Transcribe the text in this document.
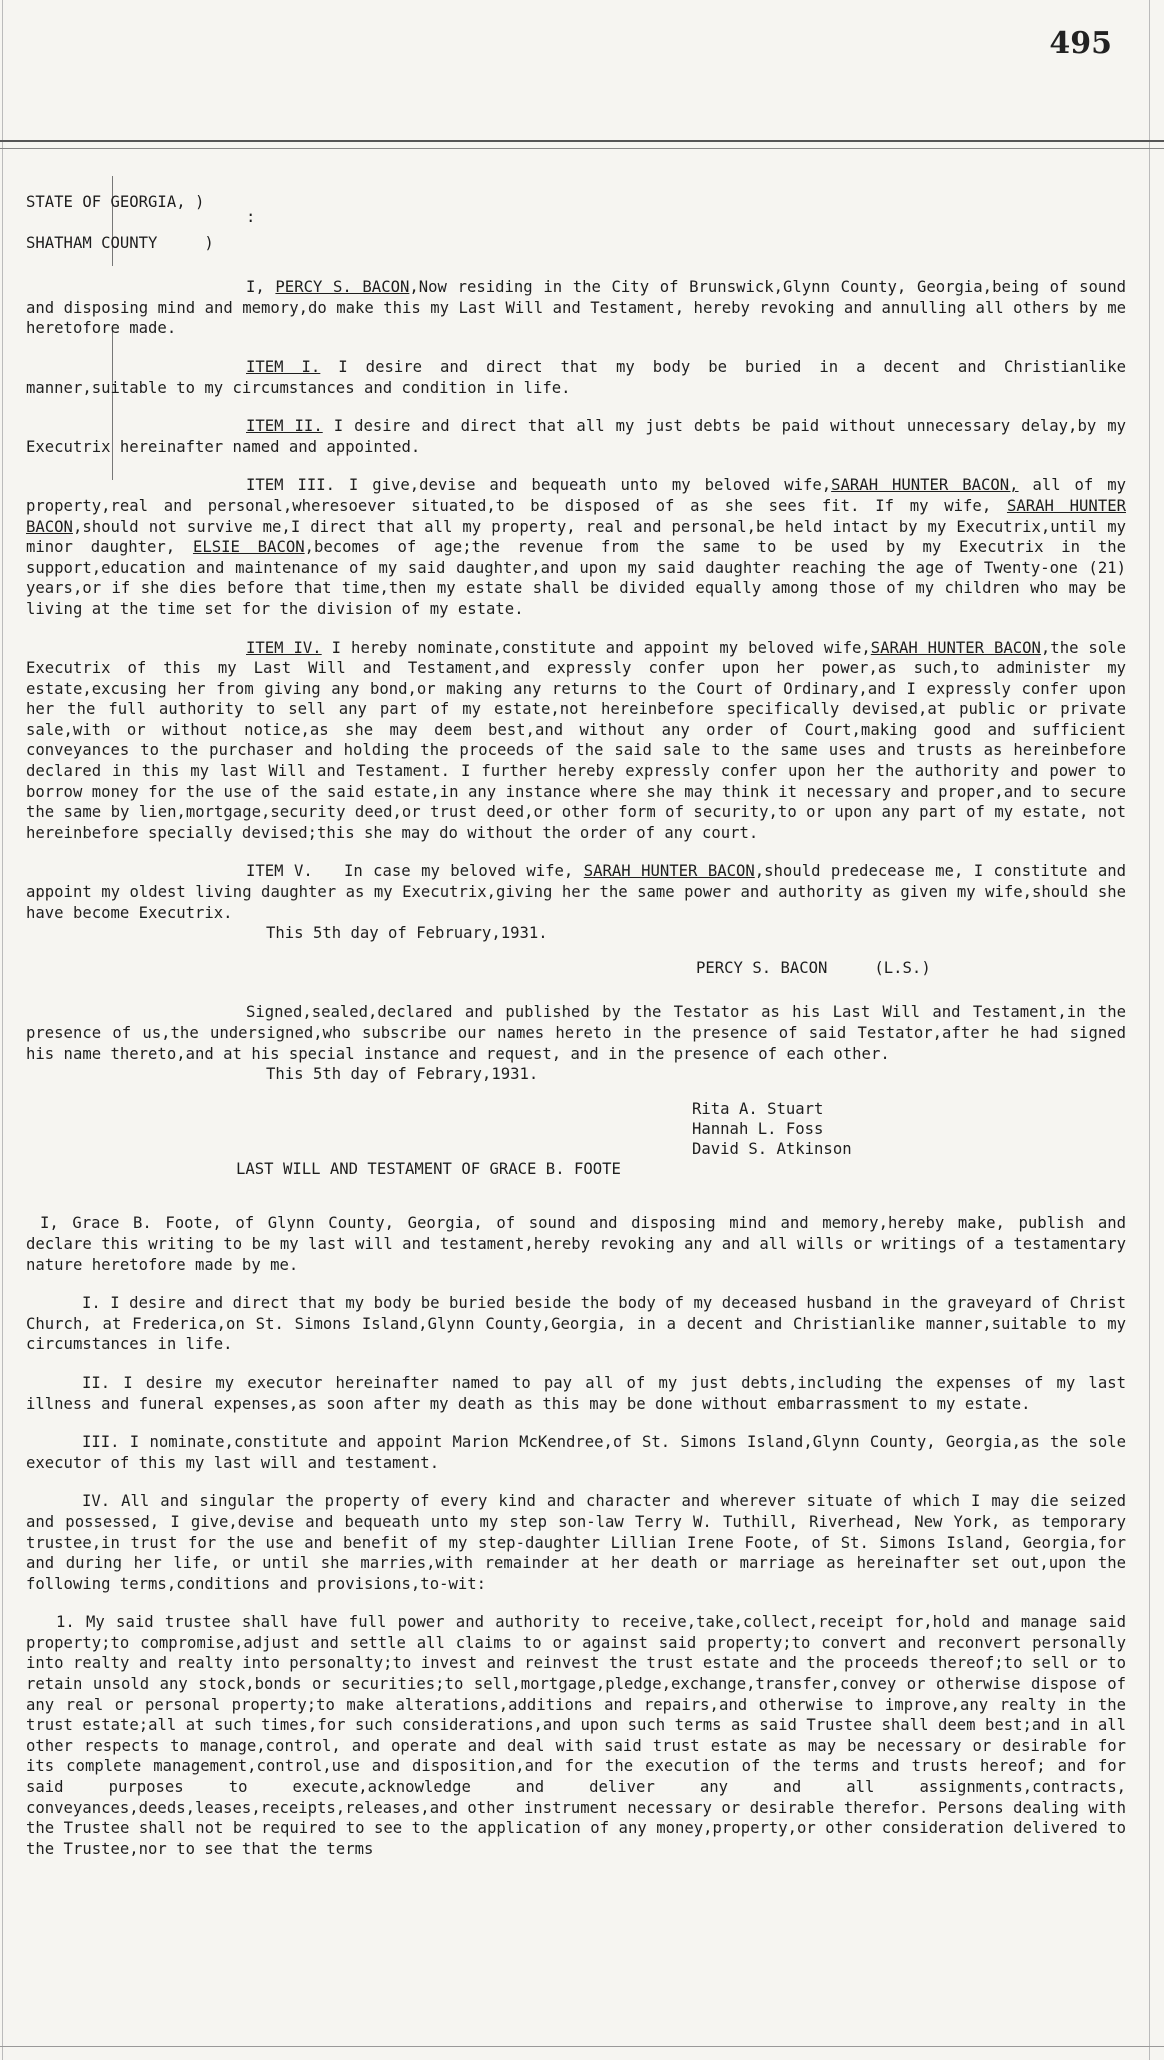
495

STATE OF GEORGIA, )

:

SHATHAM COUNTY     )

I, PERCY S. BACON,Now residing in the City of Brunswick,Glynn County, Georgia,being of sound and disposing mind and memory,do make this my Last Will and Testament, hereby revoking and annulling all others by me heretofore made.

ITEM I. I desire and direct that my body be buried in a decent and Christianlike manner,suitable to my circumstances and condition in life.

ITEM II. I desire and direct that all my just debts be paid without unnecessary delay,by my Executrix hereinafter named and appointed.

ITEM III. I give,devise and bequeath unto my beloved wife,SARAH HUNTER BACON, all of my property,real and personal,wheresoever situated,to be disposed of as she sees fit. If my wife, SARAH HUNTER BACON,should not survive me,I direct that all my property, real and personal,be held intact by my Executrix,until my minor daughter, ELSIE BACON,becomes of age;the revenue from the same to be used by my Executrix in the support,education and maintenance of my said daughter,and upon my said daughter reaching the age of Twenty-one (21) years,or if she dies before that time,then my estate shall be divided equally among those of my children who may be living at the time set for the division of my estate.

ITEM IV. I hereby nominate,constitute and appoint my beloved wife,SARAH HUNTER BACON,the sole Executrix of this my Last Will and Testament,and expressly confer upon her power,as such,to administer my estate,excusing her from giving any bond,or making any returns to the Court of Ordinary,and I expressly confer upon her the full authority to sell any part of my estate,not hereinbefore specifically devised,at public or private sale,with or without notice,as she may deem best,and without any order of Court,making good and sufficient conveyances to the purchaser and holding the proceeds of the said sale to the same uses and trusts as hereinbefore declared in this my last Will and Testament. I further hereby expressly confer upon her the authority and power to borrow money for the use of the said estate,in any instance where she may think it necessary and proper,and to secure the same by lien,mortgage,security deed,or trust deed,or other form of security,to or upon any part of my estate, not hereinbefore specially devised;this she may do without the order of any court.

ITEM V.   In case my beloved wife, SARAH HUNTER BACON,should predecease me, I constitute and appoint my oldest living daughter as my Executrix,giving her the same power and authority as given my wife,should she have become Executrix.

This 5th day of February,1931.

PERCY S. BACON     (L.S.)

Signed,sealed,declared and published by the Testator as his Last Will and Testament,in the presence of us,the undersigned,who subscribe our names hereto in the presence of said Testator,after he had signed his name thereto,and at his special instance and request, and in the presence of each other.

This 5th day of Febrary,1931.

Rita A. Stuart

Hannah L. Foss

David S. Atkinson

LAST WILL AND TESTAMENT OF GRACE B. FOOTE

I, Grace B. Foote, of Glynn County, Georgia, of sound and disposing mind and memory,hereby make, publish and declare this writing to be my last will and testament,hereby revoking any and all wills or writings of a testamentary nature heretofore made by me.

I. I desire and direct that my body be buried beside the body of my deceased husband in the graveyard of Christ Church, at Frederica,on St. Simons Island,Glynn County,Georgia, in a decent and Christianlike manner,suitable to my circumstances in life.

II. I desire my executor hereinafter named to pay all of my just debts,including the expenses of my last illness and funeral expenses,as soon after my death as this may be done without embarrassment to my estate.

III. I nominate,constitute and appoint Marion McKendree,of St. Simons Island,Glynn County, Georgia,as the sole executor of this my last will and testament.

IV. All and singular the property of every kind and character and wherever situate of which I may die seized and possessed, I give,devise and bequeath unto my step son-law Terry W. Tuthill, Riverhead, New York, as temporary trustee,in trust for the use and benefit of my step-daughter Lillian Irene Foote, of St. Simons Island, Georgia,for and during her life, or until she marries,with remainder at her death or marriage as hereinafter set out,upon the following terms,conditions and provisions,to-wit:

1. My said trustee shall have full power and authority to receive,take,collect,receipt for,hold and manage said property;to compromise,adjust and settle all claims to or against said property;to convert and reconvert personally into realty and realty into personalty;to invest and reinvest the trust estate and the proceeds thereof;to sell or to retain unsold any stock,bonds or securities;to sell,mortgage,pledge,exchange,transfer,convey or otherwise dispose of any real or personal property;to make alterations,additions and repairs,and otherwise to improve,any realty in the trust estate;all at such times,for such considerations,and upon such terms as said Trustee shall deem best;and in all other respects to manage,control, and operate and deal with said trust estate as may be necessary or desirable for its complete management,control,use and disposition,and for the execution of the terms and trusts hereof; and for said purposes to execute,acknowledge and deliver any and all assignments,contracts, conveyances,deeds,leases,receipts,releases,and other instrument necessary or desirable therefor. Persons dealing with the Trustee shall not be required to see to the application of any money,property,or other consideration delivered to the Trustee,nor to see that the terms
